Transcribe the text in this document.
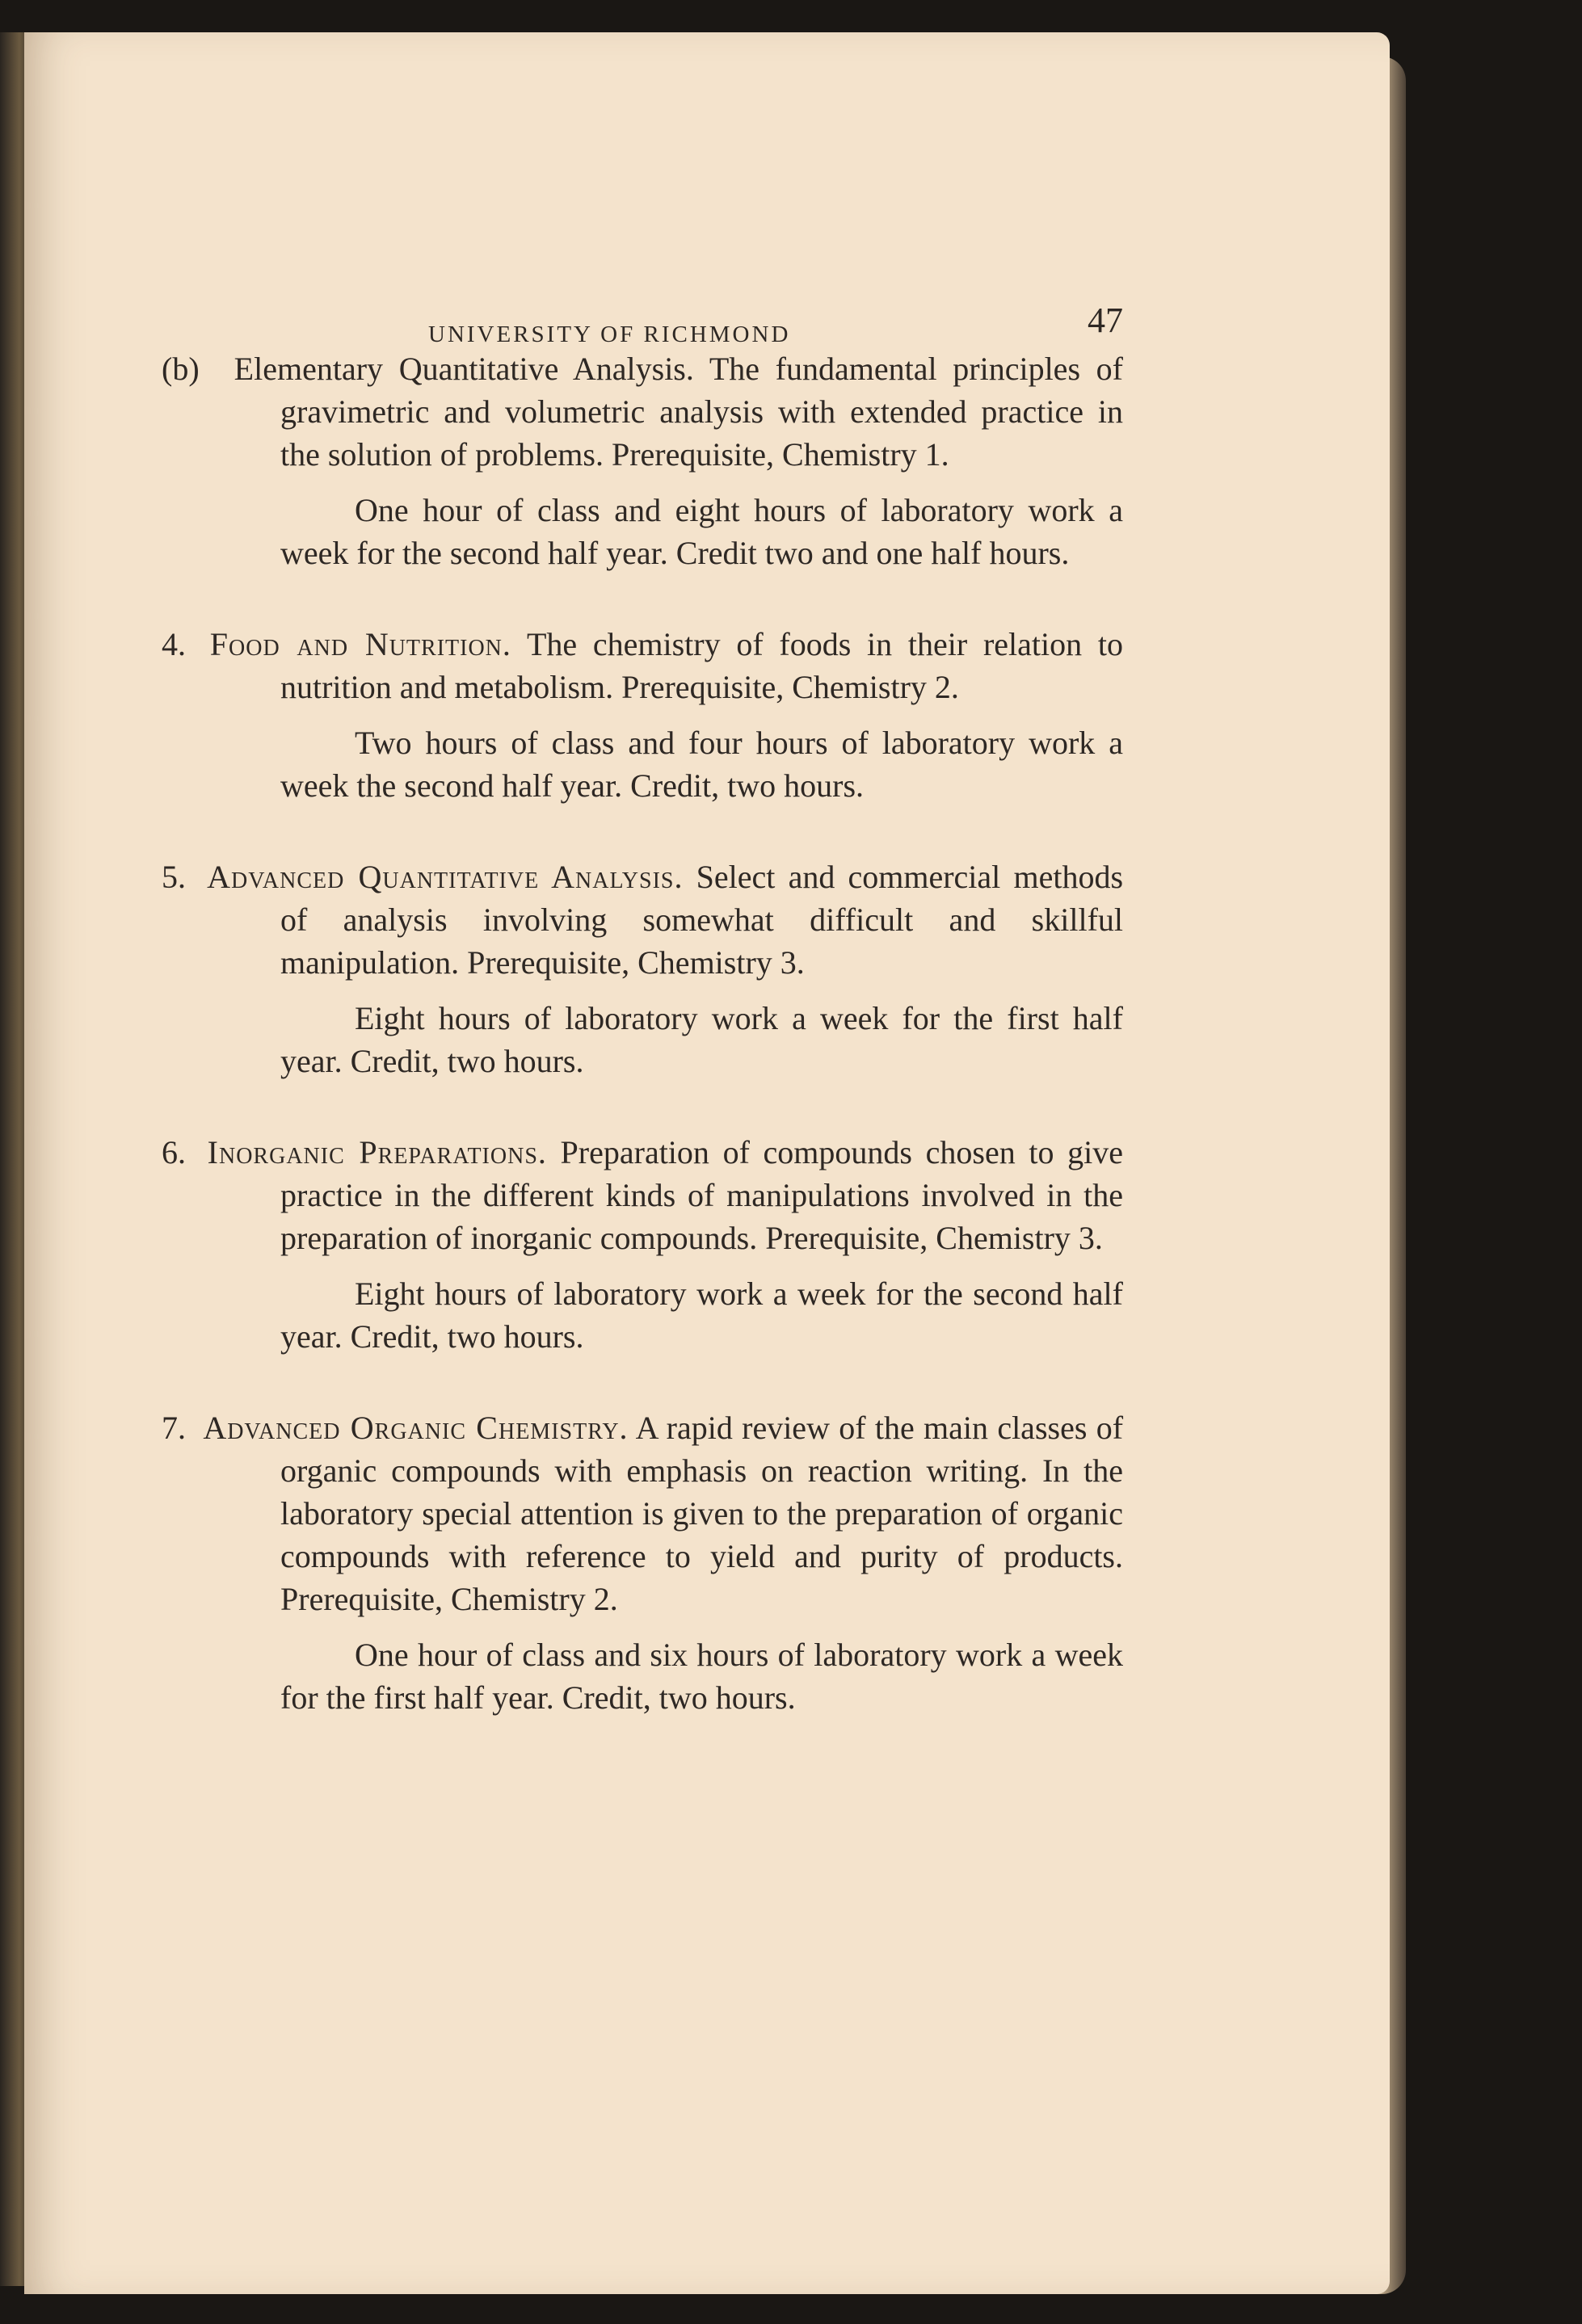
UNIVERSITY OF RICHMOND	47
(b) Elementary Quantitative Analysis. The fundamental principles of gravimetric and volumetric analysis with extended practice in the solution of problems. Prerequisite, Chemistry 1.
One hour of class and eight hours of laboratory work a week for the second half year. Credit two and one half hours.
4. Food and Nutrition. The chemistry of foods in their relation to nutrition and metabolism. Prerequisite, Chemistry 2.
Two hours of class and four hours of laboratory work a week the second half year. Credit, two hours.
5. Advanced Quantitative Analysis. Select and commercial methods of analysis involving somewhat difficult and skillful manipulation. Prerequisite, Chemistry 3.
Eight hours of laboratory work a week for the first half year. Credit, two hours.
6. Inorganic Preparations. Preparation of compounds chosen to give practice in the different kinds of manipulations involved in the preparation of inorganic compounds. Prerequisite, Chemistry 3.
Eight hours of laboratory work a week for the second half year. Credit, two hours.
7. Advanced Organic Chemistry. A rapid review of the main classes of organic compounds with emphasis on reaction writing. In the laboratory special attention is given to the preparation of organic compounds with reference to yield and purity of products. Prerequisite, Chemistry 2.
One hour of class and six hours of laboratory work a week for the first half year. Credit, two hours.
